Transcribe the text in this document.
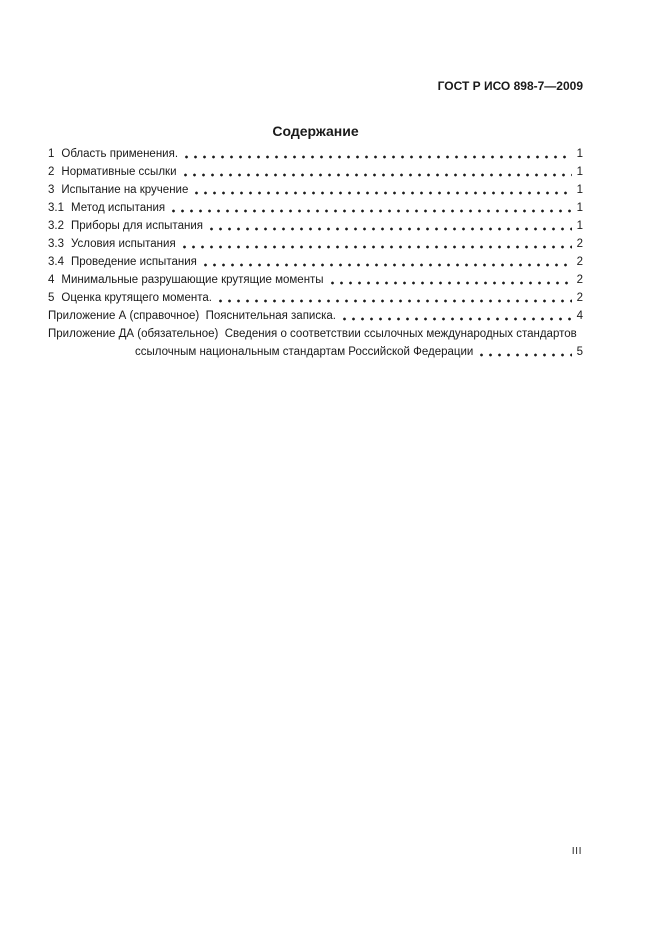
ГОСТ Р ИСО 898-7—2009

Содержание
1 Область применения.	1
2 Нормативные ссылки	1
3 Испытание на кручение	1
3.1 Метод испытания	1
3.2 Приборы для испытания	1
3.3 Условия испытания	2
3.4 Проведение испытания	2
4 Минимальные разрушающие крутящие моменты	2
5 Оценка крутящего момента.	2
Приложение А (справочное)  Пояснительная записка.	4
Приложение ДА (обязательное)  Сведения о соответствии ссылочных международных стандартов
ссылочным национальным стандартам Российской Федерации	5
III
